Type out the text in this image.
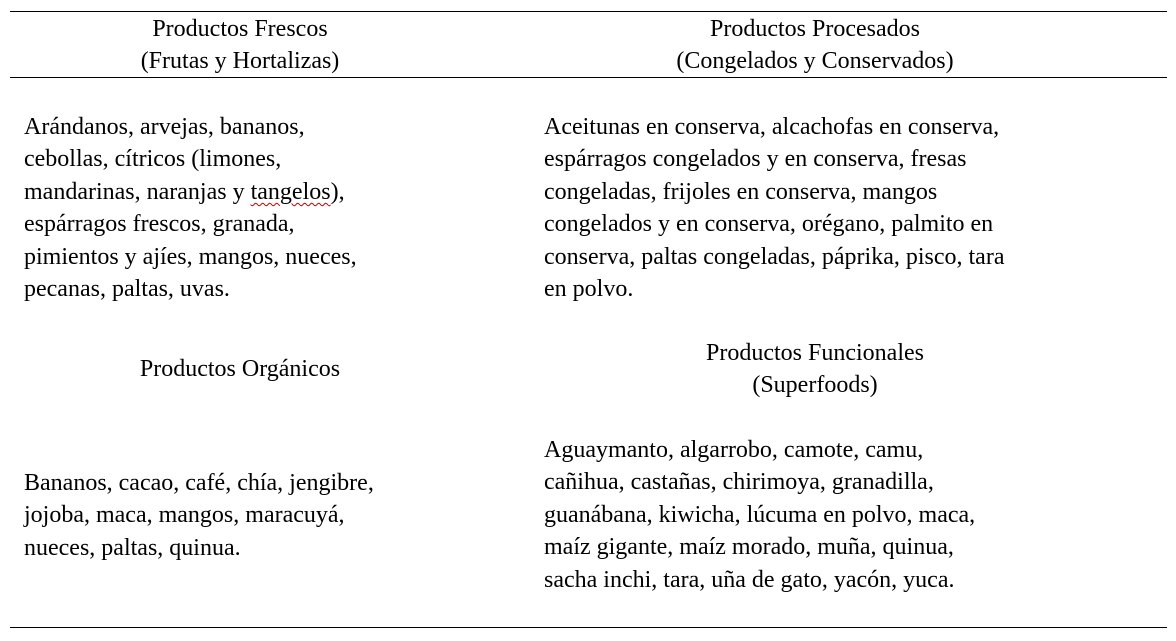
Productos Frescos
(Frutas y Hortalizas)
Productos Procesados
(Congelados y Conservados)
Productos Orgánicos
Productos Funcionales
(Superfoods)
Arándanos, arvejas, bananos,
cebollas, cítricos (limones,
mandarinas, naranjas y tangelos),
espárragos frescos, granada,
pimientos y ajíes, mangos, nueces,
pecanas, paltas, uvas.
Aceitunas en conserva, alcachofas en conserva,
espárragos congelados y en conserva, fresas
congeladas, frijoles en conserva, mangos
congelados y en conserva, orégano, palmito en
conserva, paltas congeladas, páprika, pisco, tara
en polvo.
Bananos, cacao, café, chía, jengibre,
jojoba, maca, mangos, maracuyá,
nueces, paltas, quinua.
Aguaymanto, algarrobo, camote, camu,
cañihua, castañas, chirimoya, granadilla,
guanábana, kiwicha, lúcuma en polvo, maca,
maíz gigante, maíz morado, muña, quinua,
sacha inchi, tara, uña de gato, yacón, yuca.
